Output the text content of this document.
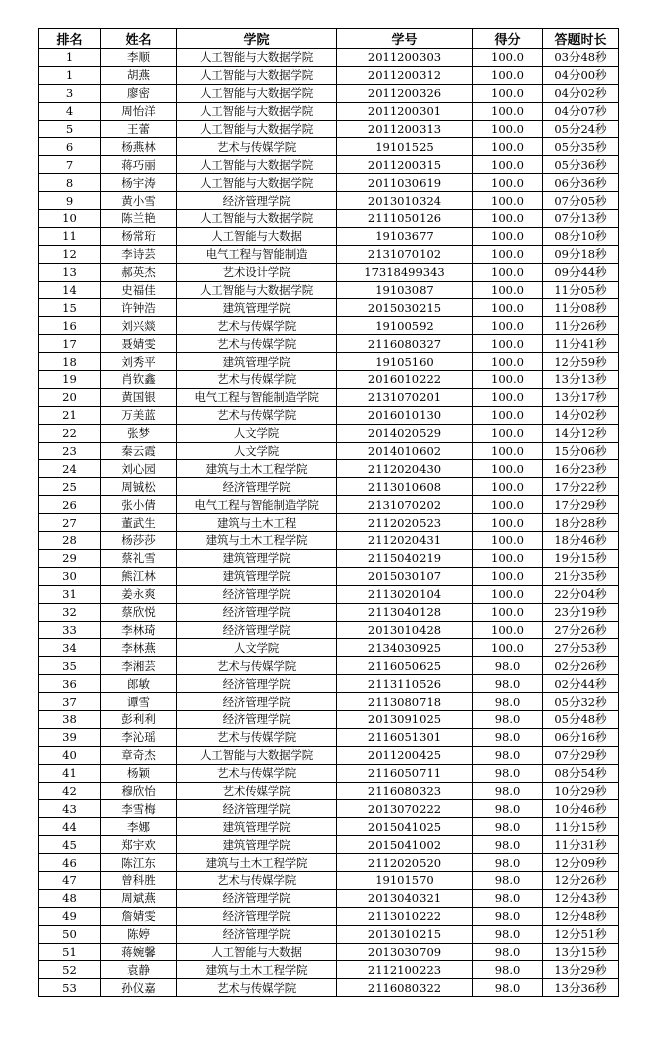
排名	姓名	学院	学号	得分	答题时长
1	李顺	人工智能与大数据学院	2011200303	100.0	03分48秒
1	胡燕	人工智能与大数据学院	2011200312	100.0	04分00秒
3	廖密	人工智能与大数据学院	2011200326	100.0	04分02秒
4	周怡洋	人工智能与大数据学院	2011200301	100.0	04分07秒
5	王蕾	人工智能与大数据学院	2011200313	100.0	05分24秒
6	杨燕林	艺术与传媒学院	19101525	100.0	05分35秒
7	蒋巧丽	人工智能与大数据学院	2011200315	100.0	05分36秒
8	杨宇涛	人工智能与大数据学院	2011030619	100.0	06分36秒
9	黄小雪	经济管理学院	2013010324	100.0	07分05秒
10	陈兰艳	人工智能与大数据学院	2111050126	100.0	07分13秒
11	杨常珩	人工智能与大数据	19103677	100.0	08分10秒
12	李诗芸	电气工程与智能制造	2131070102	100.0	09分18秒
13	郝英杰	艺术设计学院	17318499343	100.0	09分44秒
14	史福佳	人工智能与大数据学院	19103087	100.0	11分05秒
15	许钟浩	建筑管理学院	2015030215	100.0	11分08秒
16	刘兴燚	艺术与传媒学院	19100592	100.0	11分26秒
17	聂婧雯	艺术与传媒学院	2116080327	100.0	11分41秒
18	刘秀平	建筑管理学院	19105160	100.0	12分59秒
19	肖钦鑫	艺术与传媒学院	2016010222	100.0	13分13秒
20	黄国银	电气工程与智能制造学院	2131070201	100.0	13分17秒
21	万美蓝	艺术与传媒学院	2016010130	100.0	14分02秒
22	张梦	人文学院	2014020529	100.0	14分12秒
23	秦云霞	人文学院	2014010602	100.0	15分06秒
24	刘心园	建筑与土木工程学院	2112020430	100.0	16分23秒
25	周铖松	经济管理学院	2113010608	100.0	17分22秒
26	张小倩	电气工程与智能制造学院	2131070202	100.0	17分29秒
27	董武生	建筑与土木工程	2112020523	100.0	18分28秒
28	杨莎莎	建筑与土木工程学院	2112020431	100.0	18分46秒
29	蔡礼雪	建筑管理学院	2115040219	100.0	19分15秒
30	熊江林	建筑管理学院	2015030107	100.0	21分35秒
31	姜永爽	经济管理学院	2113020104	100.0	22分04秒
32	蔡欣悦	经济管理学院	2113040128	100.0	23分19秒
33	李林琦	经济管理学院	2013010428	100.0	27分26秒
34	李林燕	人文学院	2134030925	100.0	27分53秒
35	李湘芸	艺术与传媒学院	2116050625	98.0	02分26秒
36	郎敏	经济管理学院	2113110526	98.0	02分44秒
37	谭雪	经济管理学院	2113080718	98.0	05分32秒
38	彭利利	经济管理学院	2013091025	98.0	05分48秒
39	李沁瑶	艺术与传媒学院	2116051301	98.0	06分16秒
40	章奇杰	人工智能与大数据学院	2011200425	98.0	07分29秒
41	杨颖	艺术与传媒学院	2116050711	98.0	08分54秒
42	穆欣怡	艺术传媒学院	2116080323	98.0	10分29秒
43	李雪梅	经济管理学院	2013070222	98.0	10分46秒
44	李娜	建筑管理学院	2015041025	98.0	11分15秒
45	郑宇欢	建筑管理学院	2015041002	98.0	11分31秒
46	陈江东	建筑与土木工程学院	2112020520	98.0	12分09秒
47	曾科胜	艺术与传媒学院	19101570	98.0	12分26秒
48	周斌燕	经济管理学院	2013040321	98.0	12分43秒
49	詹婧雯	经济管理学院	2113010222	98.0	12分48秒
50	陈婷	经济管理学院	2013010215	98.0	12分51秒
51	蒋婉馨	人工智能与大数据	2013030709	98.0	13分15秒
52	袁静	建筑与土木工程学院	2112100223	98.0	13分29秒
53	孙仪嘉	艺术与传媒学院	2116080322	98.0	13分36秒
